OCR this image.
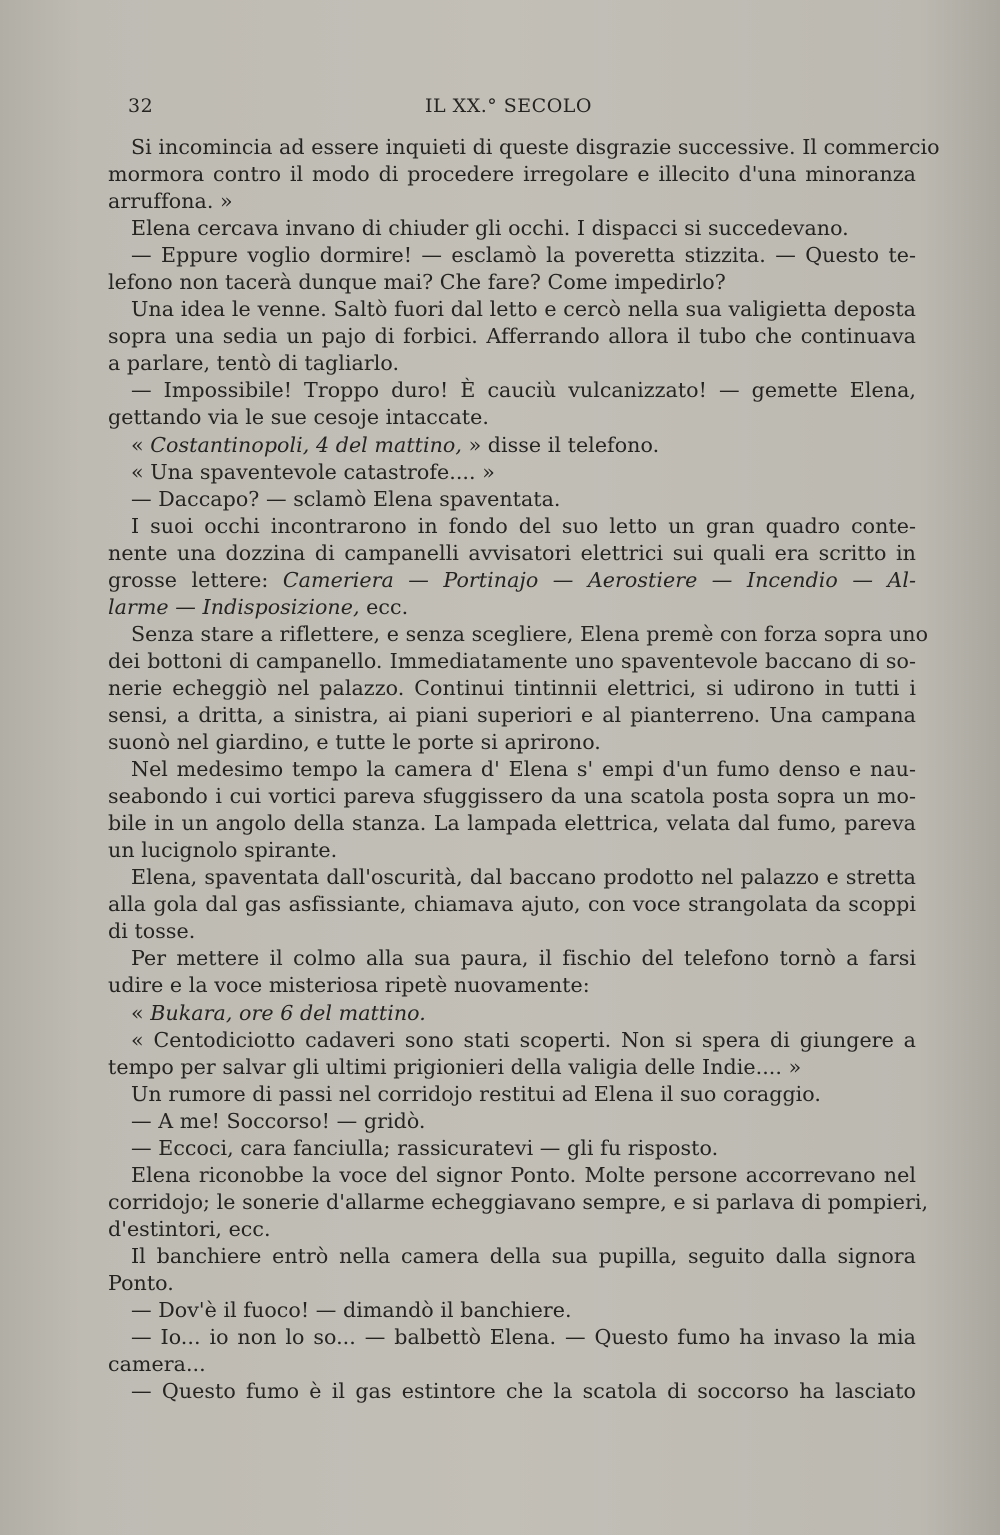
32	IL XX.° SECOLO
Si incomincia ad essere inquieti di queste disgrazie successive. Il commercio
mormora contro il modo di procedere irregolare e illecito d'una minoranza
arruffona. »
Elena cercava invano di chiuder gli occhi. I dispacci si succedevano.
— Eppure voglio dormire! — esclamò la poveretta stizzita. — Questo te-
lefono non tacerà dunque mai? Che fare? Come impedirlo?
Una idea le venne. Saltò fuori dal letto e cercò nella sua valigietta deposta
sopra una sedia un pajo di forbici. Afferrando allora il tubo che continuava
a parlare, tentò di tagliarlo.
— Impossibile! Troppo duro! È cauciù vulcanizzato! — gemette Elena,
gettando via le sue cesoje intaccate.
« Costantinopoli, 4 del mattino, » disse il telefono.
« Una spaventevole catastrofe.... »
— Daccapo? — sclamò Elena spaventata.
I suoi occhi incontrarono in fondo del suo letto un gran quadro conte-
nente una dozzina di campanelli avvisatori elettrici sui quali era scritto in
grosse lettere: Cameriera — Portinajo — Aerostiere — Incendio — Al-
larme — Indisposizione, ecc.
Senza stare a riflettere, e senza scegliere, Elena premè con forza sopra uno
dei bottoni di campanello. Immediatamente uno spaventevole baccano di so-
nerie echeggiò nel palazzo. Continui tintinnii elettrici, si udirono in tutti i
sensi, a dritta, a sinistra, ai piani superiori e al pianterreno. Una campana
suonò nel giardino, e tutte le porte si aprirono.
Nel medesimo tempo la camera d' Elena s' empi d'un fumo denso e nau-
seabondo i cui vortici pareva sfuggissero da una scatola posta sopra un mo-
bile in un angolo della stanza. La lampada elettrica, velata dal fumo, pareva
un lucignolo spirante.
Elena, spaventata dall'oscurità, dal baccano prodotto nel palazzo e stretta
alla gola dal gas asfissiante, chiamava ajuto, con voce strangolata da scoppi
di tosse.
Per mettere il colmo alla sua paura, il fischio del telefono tornò a farsi
udire e la voce misteriosa ripetè nuovamente:
« Bukara, ore 6 del mattino.
« Centodiciotto cadaveri sono stati scoperti. Non si spera di giungere a
tempo per salvar gli ultimi prigionieri della valigia delle Indie.... »
Un rumore di passi nel corridojo restitui ad Elena il suo coraggio.
— A me! Soccorso! — gridò.
— Eccoci, cara fanciulla; rassicuratevi — gli fu risposto.
Elena riconobbe la voce del signor Ponto. Molte persone accorrevano nel
corridojo; le sonerie d'allarme echeggiavano sempre, e si parlava di pompieri,
d'estintori, ecc.
Il banchiere entrò nella camera della sua pupilla, seguito dalla signora
Ponto.
— Dov'è il fuoco! — dimandò il banchiere.
— Io... io non lo so... — balbettò Elena. — Questo fumo ha invaso la mia
camera...
— Questo fumo è il gas estintore che la scatola di soccorso ha lasciato
